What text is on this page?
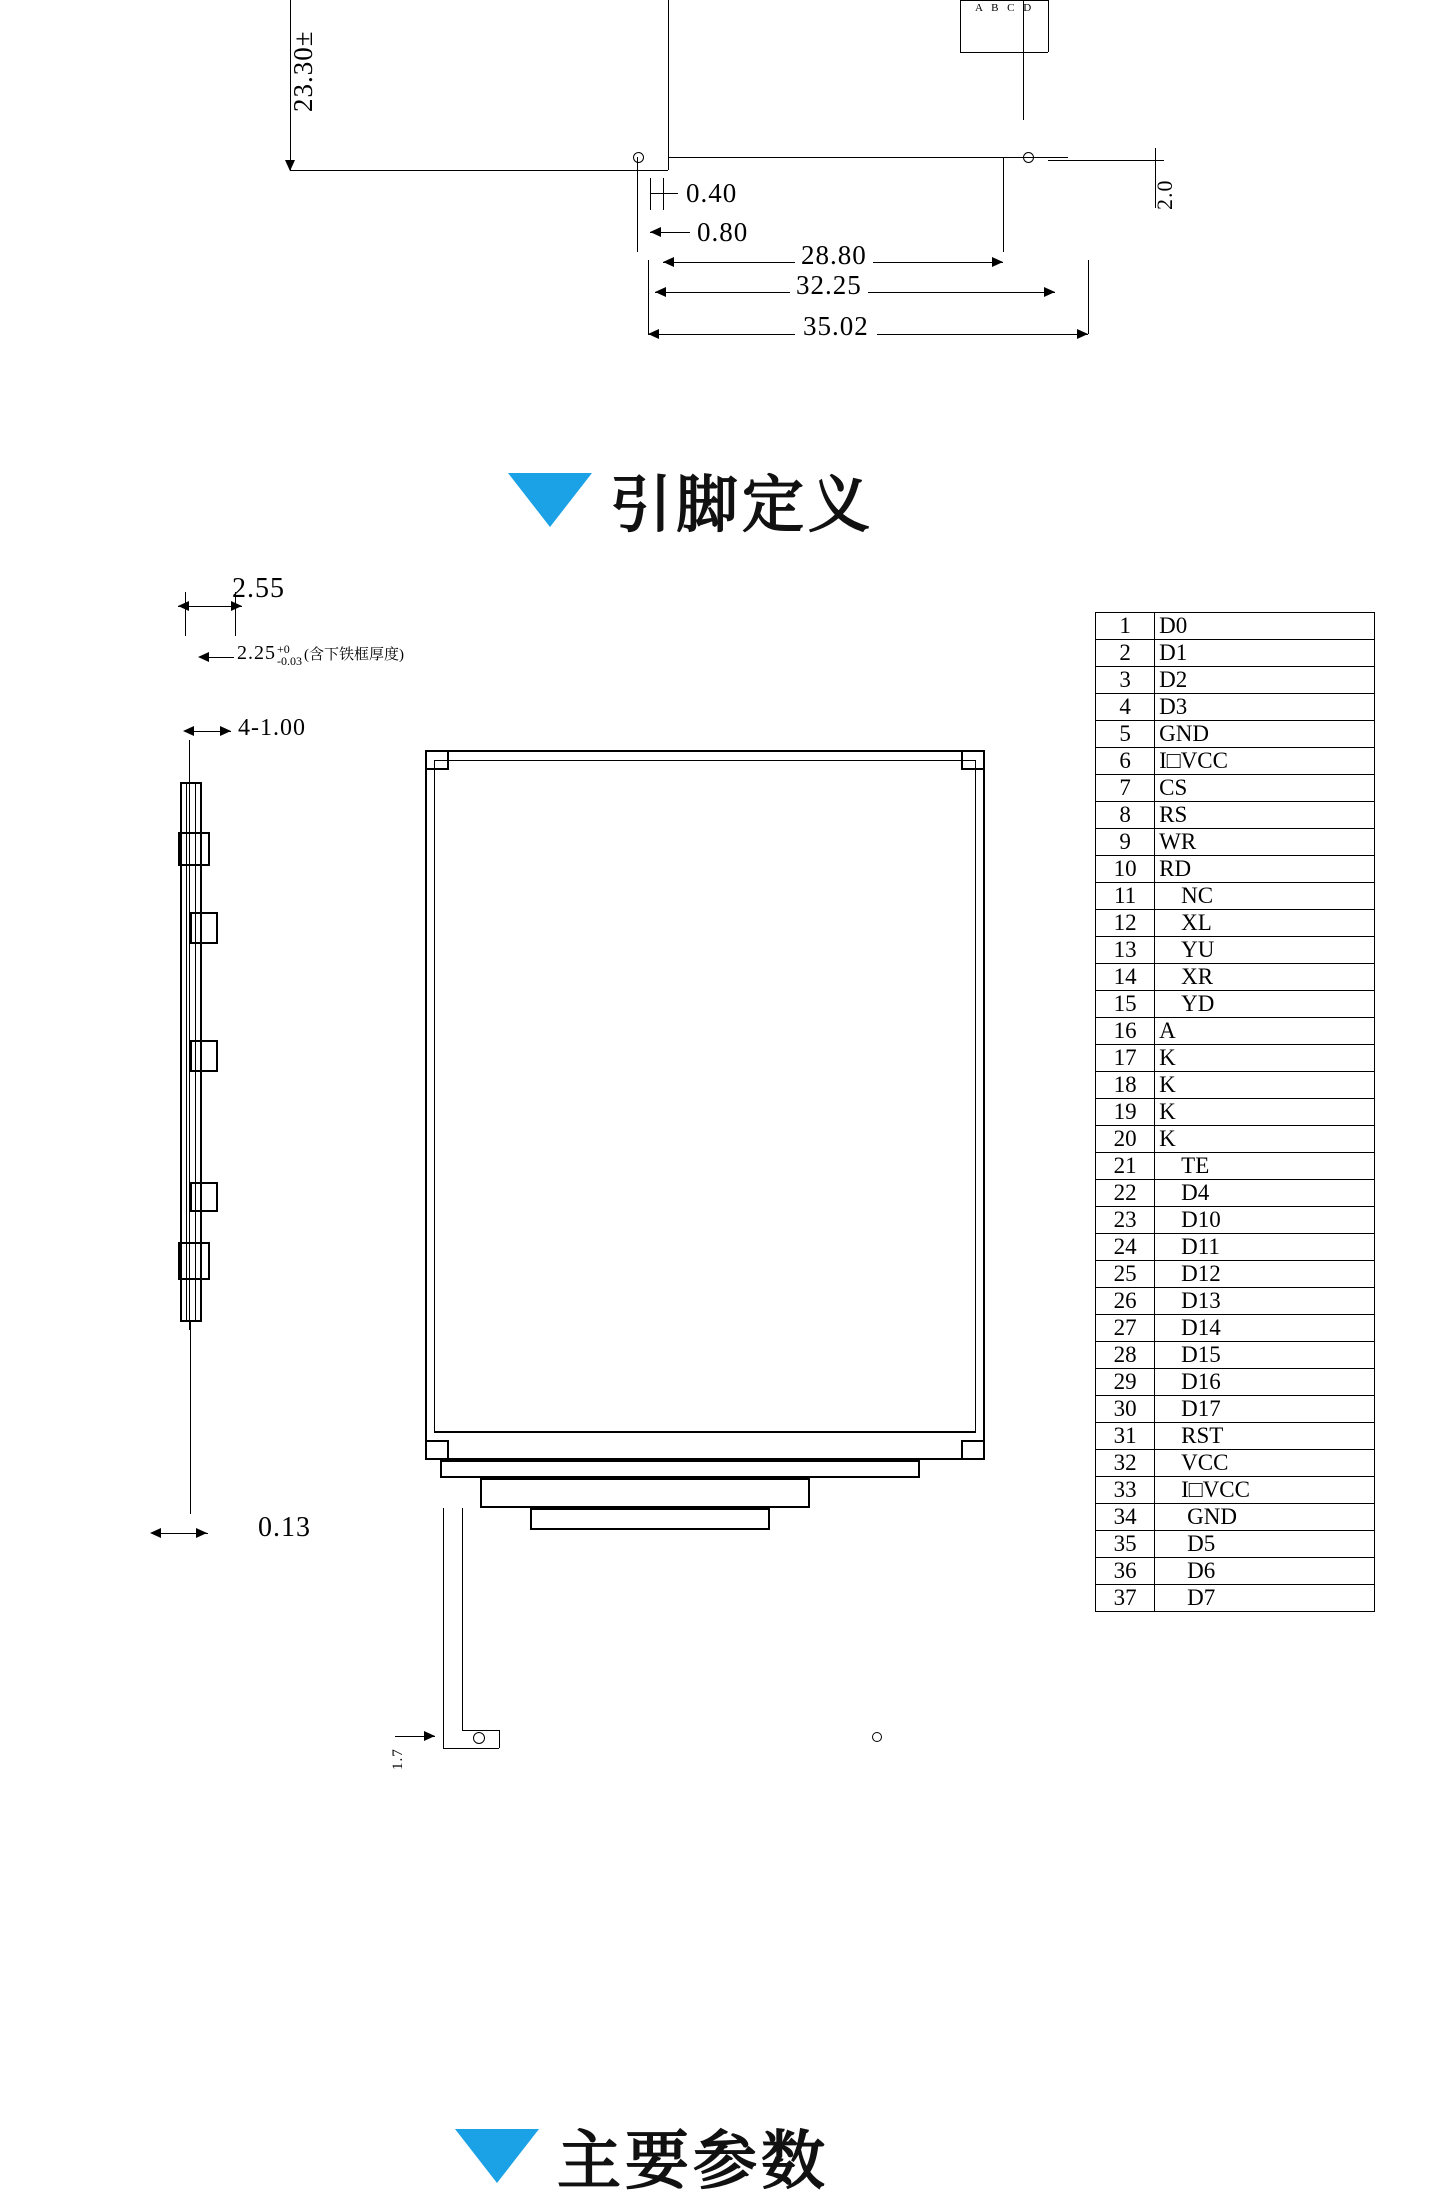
23.30±
A B C D
2.0
0.40
0.80
28.80
32.25
35.02
引脚定义
2.55
2.25 +0
-0.03 (含下铁框厚度)
4-1.00
0.13
1.7
1	D0
2	D1
3	D2
4	D3
5	GND
6	I□VCC
7	CS
8	RS
9	WR
10	RD
11	NC
12	XL
13	YU
14	XR
15	YD
16	A
17	K
18	K
19	K
20	K
21	TE
22	D4
23	D10
24	D11
25	D12
26	D13
27	D14
28	D15
29	D16
30	D17
31	RST
32	VCC
33	I□VCC
34	GND
35	D5
36	D6
37	D7
主要参数
